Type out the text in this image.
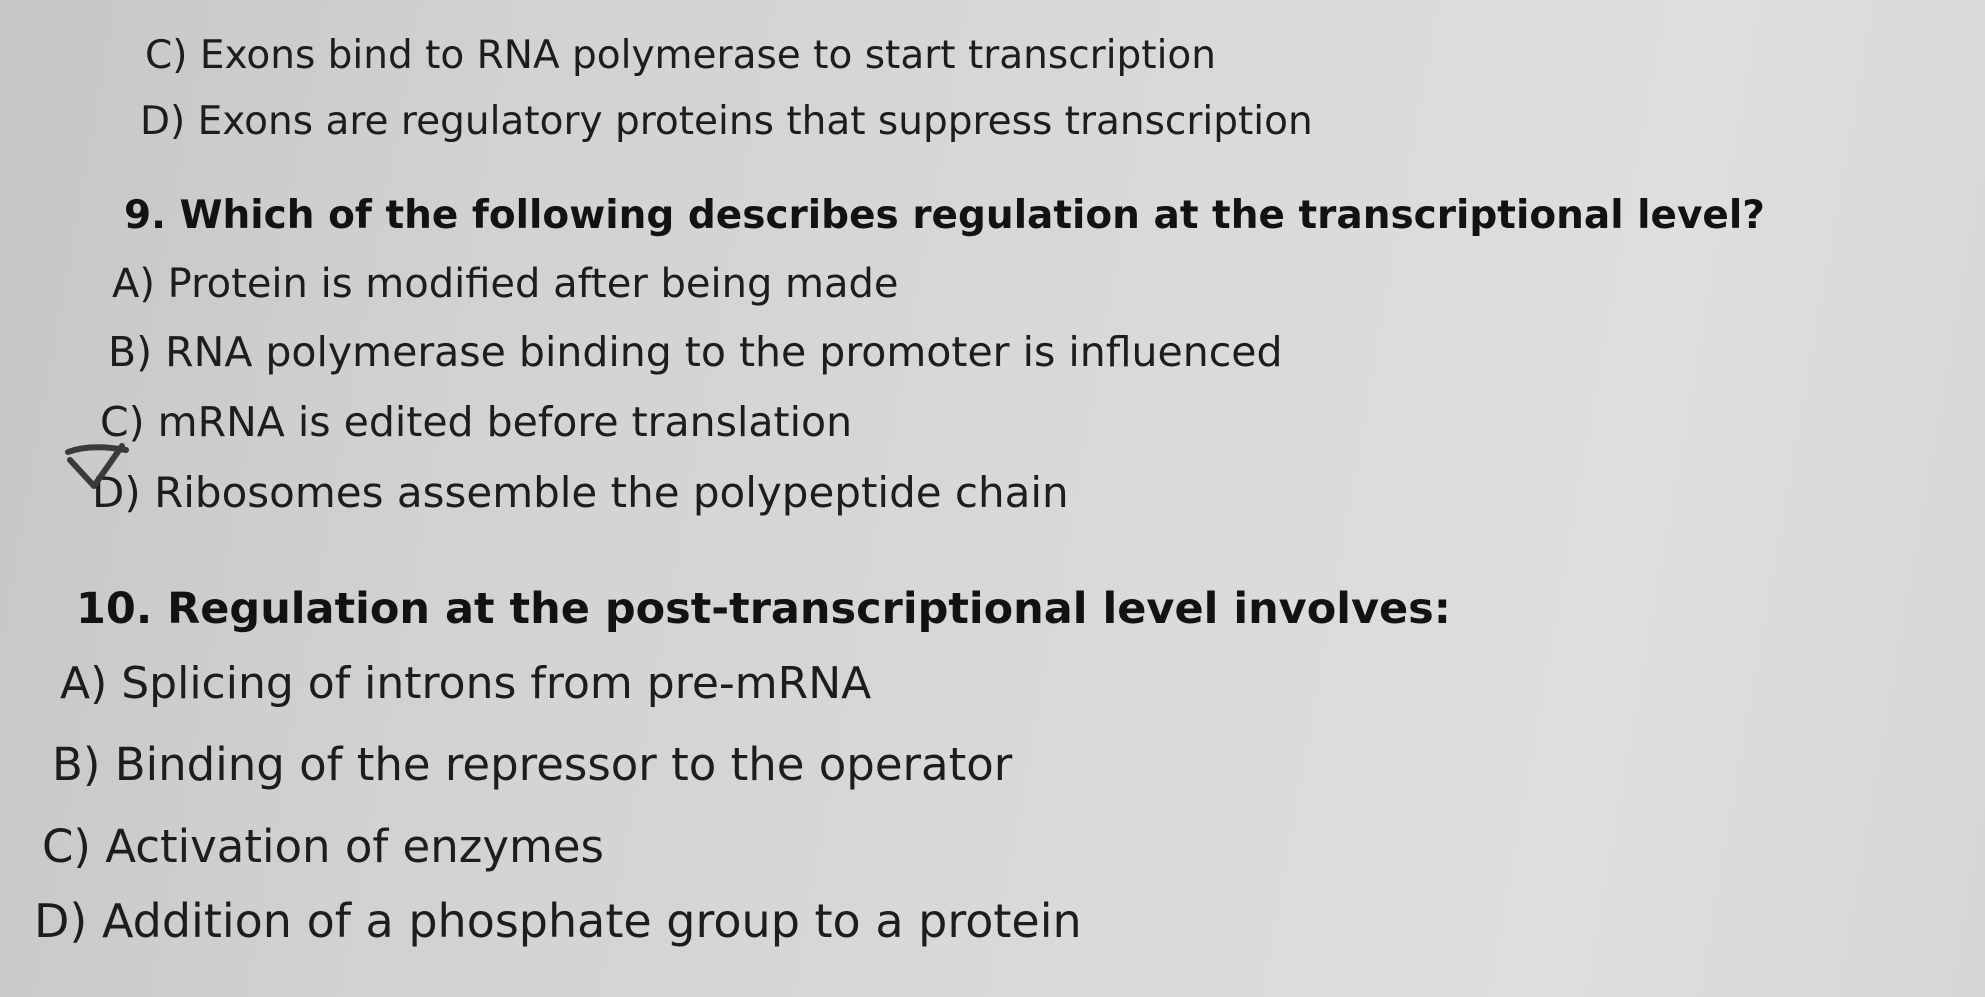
C) Exons bind to RNA polymerase to start transcription
D) Exons are regulatory proteins that suppress transcription
9. Which of the following describes regulation at the transcriptional level?
A) Protein is modified after being made
B) RNA polymerase binding to the promoter is influenced
C) mRNA is edited before translation
D) Ribosomes assemble the polypeptide chain
10. Regulation at the post-transcriptional level involves:
A) Splicing of introns from pre-mRNA
B) Binding of the repressor to the operator
C) Activation of enzymes
D) Addition of a phosphate group to a protein
